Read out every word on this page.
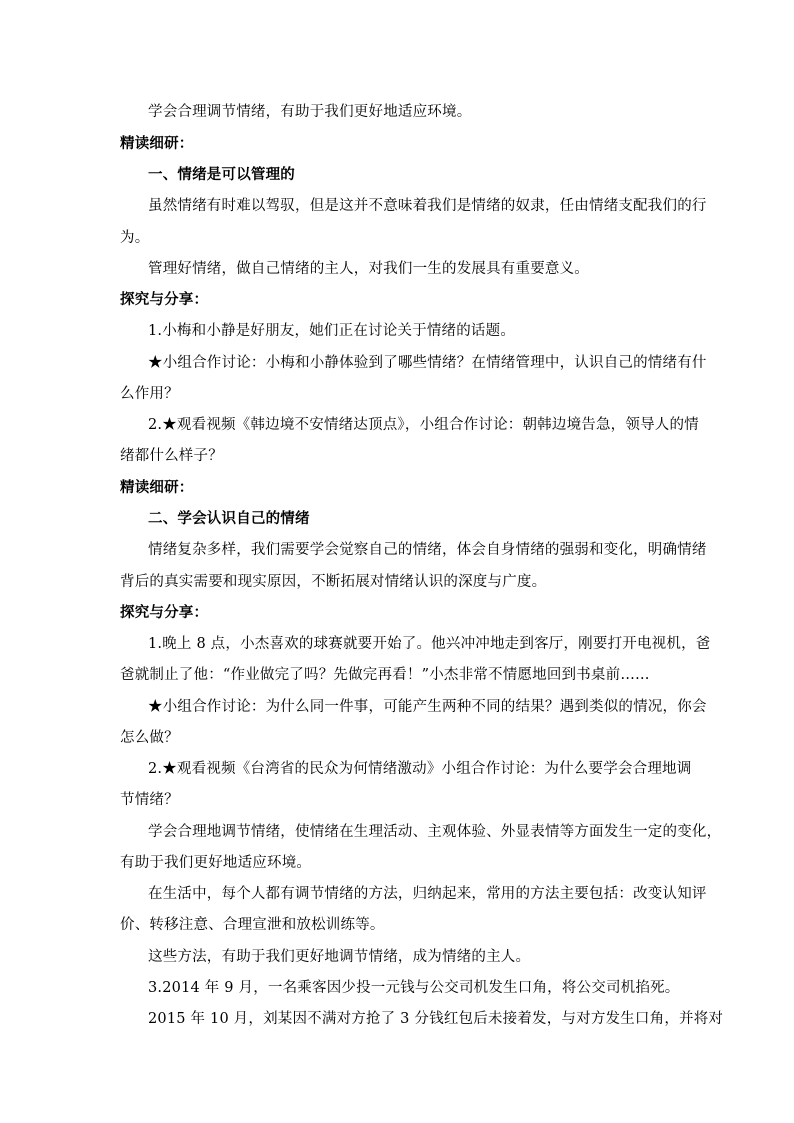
学会合理调节情绪，有助于我们更好地适应环境。
精读细研：
一、情绪是可以管理的
虽然情绪有时难以驾驭，但是这并不意味着我们是情绪的奴隶，任由情绪支配我们的行
为。
管理好情绪，做自己情绪的主人，对我们一生的发展具有重要意义。
探究与分享：
1.小梅和小静是好朋友，她们正在讨论关于情绪的话题。
★小组合作讨论：小梅和小静体验到了哪些情绪？在情绪管理中，认识自己的情绪有什
么作用？
2.★观看视频《韩边境不安情绪达顶点》，小组合作讨论：朝韩边境告急，领导人的情
绪都什么样子？
精读细研：
二、学会认识自己的情绪
情绪复杂多样，我们需要学会觉察自己的情绪，体会自身情绪的强弱和变化，明确情绪
背后的真实需要和现实原因，不断拓展对情绪认识的深度与广度。
探究与分享：
1.晚上 8 点，小杰喜欢的球赛就要开始了。他兴冲冲地走到客厅，刚要打开电视机，爸
爸就制止了他：“作业做完了吗？先做完再看！”小杰非常不情愿地回到书桌前……
★小组合作讨论：为什么同一件事，可能产生两种不同的结果？遇到类似的情况，你会
怎么做？
2.★观看视频《台湾省的民众为何情绪激动》小组合作讨论：为什么要学会合理地调
节情绪？
学会合理地调节情绪，使情绪在生理活动、主观体验、外显表情等方面发生一定的变化，
有助于我们更好地适应环境。
在生活中，每个人都有调节情绪的方法，归纳起来，常用的方法主要包括：改变认知评
价、转移注意、合理宣泄和放松训练等。
这些方法，有助于我们更好地调节情绪，成为情绪的主人。
3.2014 年 9 月，一名乘客因少投一元钱与公交司机发生口角，将公交司机掐死。
2015 年 10 月，刘某因不满对方抢了 3 分钱红包后未接着发，与对方发生口角，并将对
